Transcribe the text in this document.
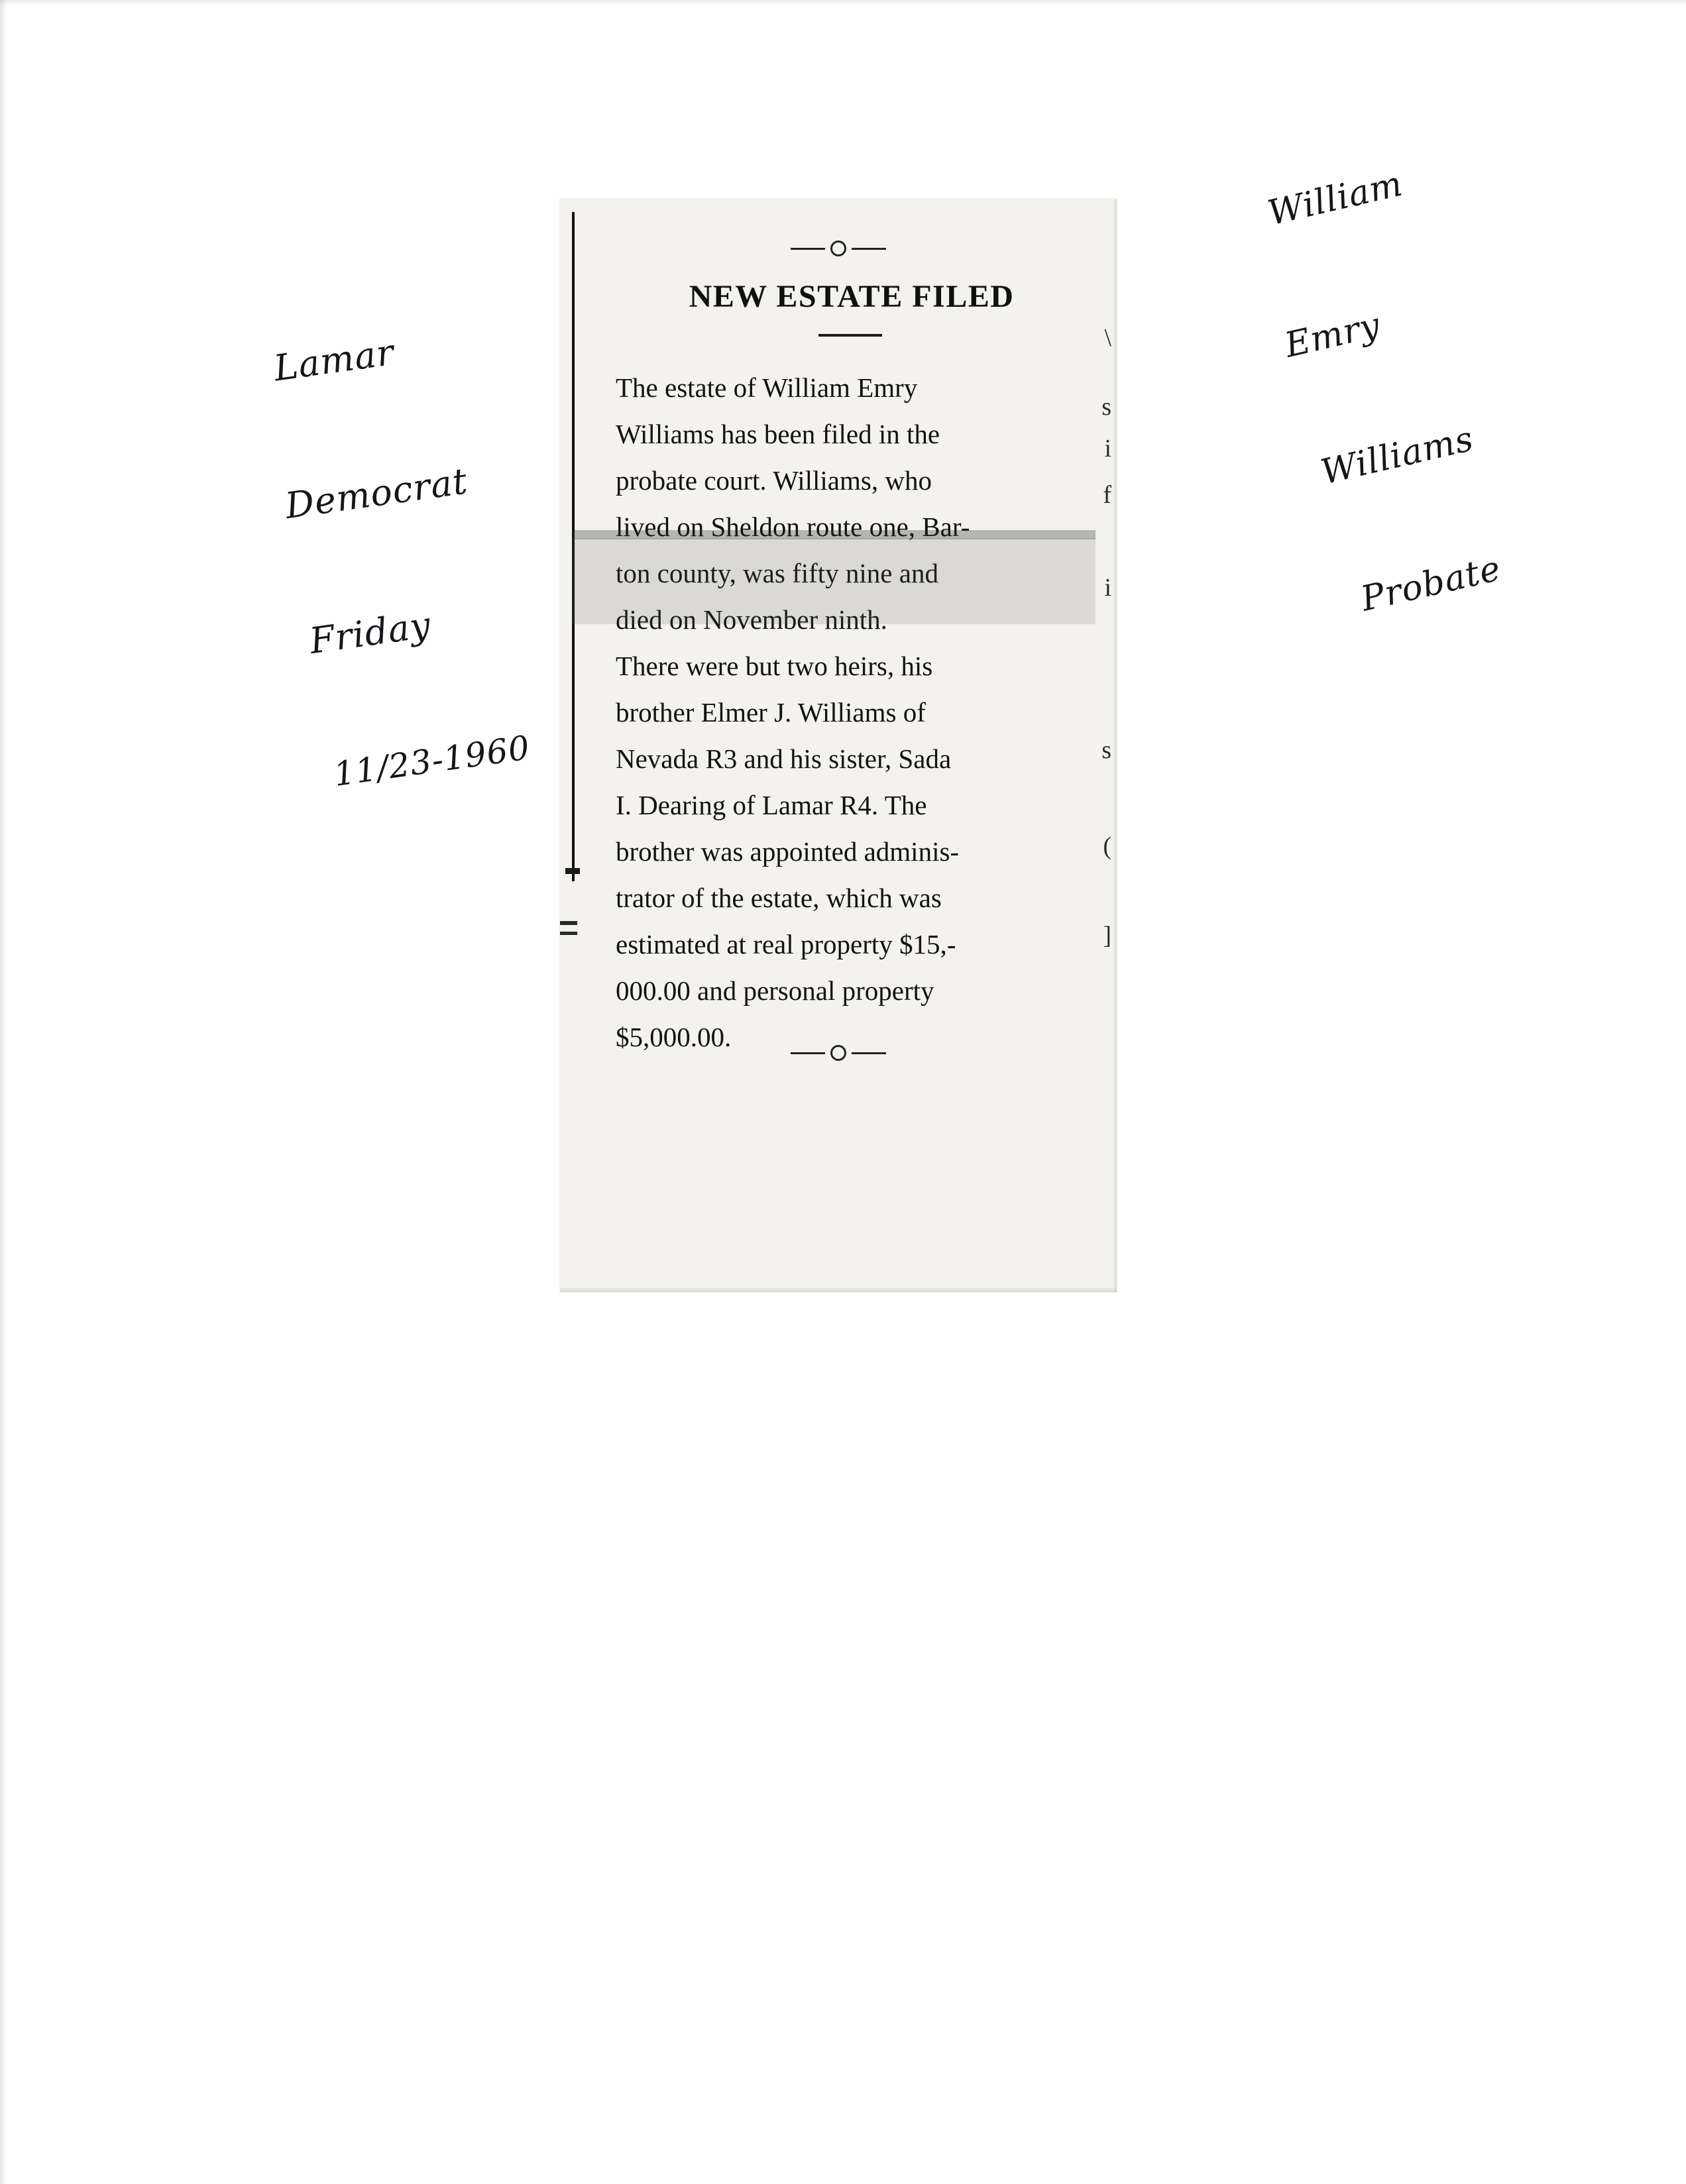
Lamar

Democrat

Friday

11/23-1960

William

Emry

Williams

Probate

NEW ESTATE FILED

The estate of William Emry
Williams has been filed in the
probate court. Williams, who
lived on Sheldon route one, Bar-
ton county, was fifty nine and
died on November ninth.

There were but two heirs, his
brother Elmer J. Williams of
Nevada R3 and his sister, Sada
I. Dearing of Lamar R4. The
brother was appointed adminis-
trator of the estate, which was
estimated at real property $15,-
000.00 and personal property
$5,000.00.

\
s
i
f
i
s
(
]
